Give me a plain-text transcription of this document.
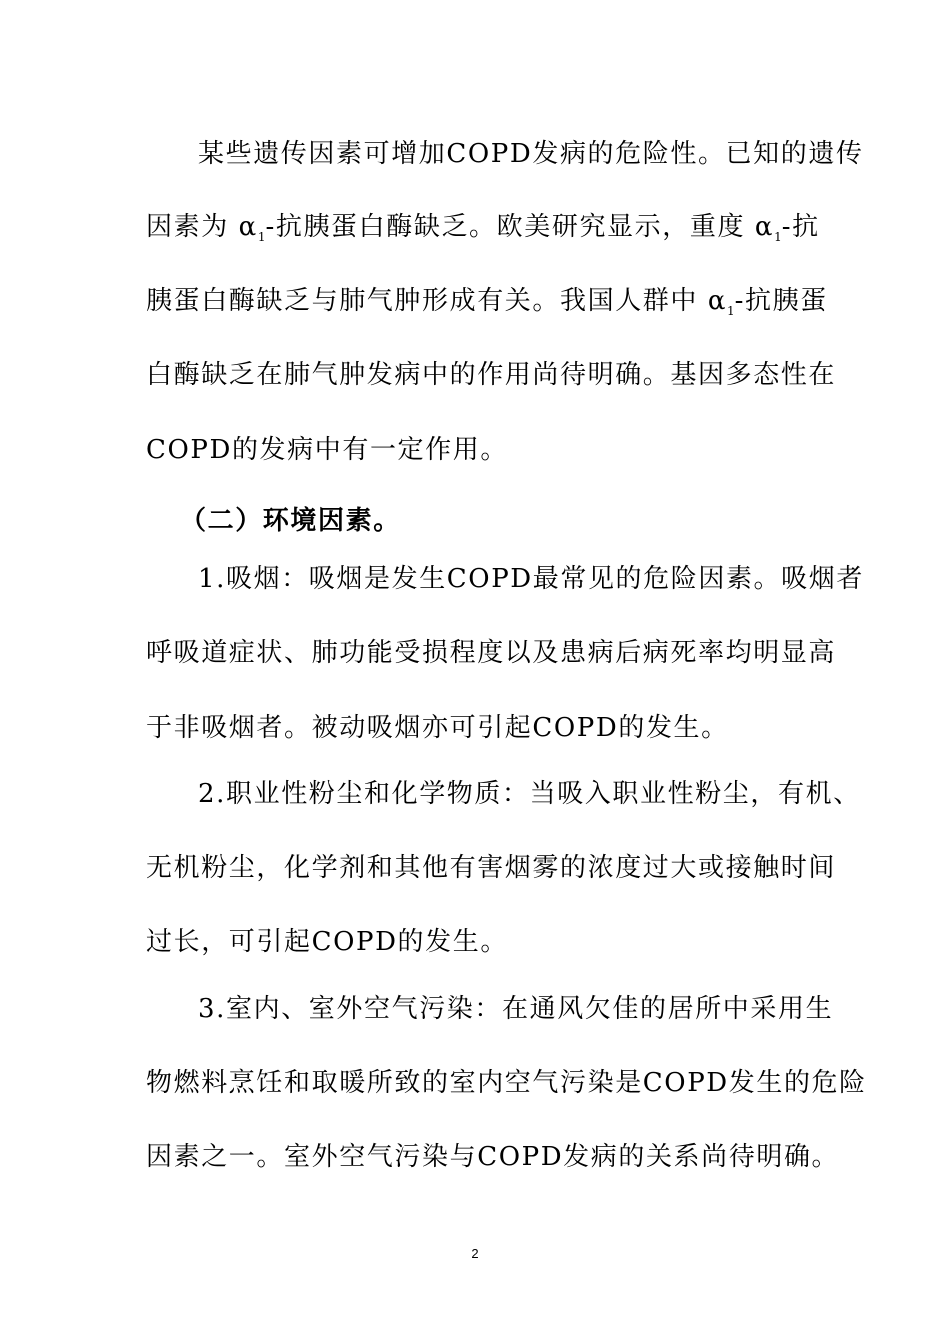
某些遗传因素可增加COPD发病的危险性。已知的遗传
因素为 $\alpha_1-$抗胰蛋白酶缺乏。欧美研究显示，重度 $\alpha_1-$抗
胰蛋白酶缺乏与肺气肿形成有关。我国人群中 $\alpha_1-$抗胰蛋
白酶缺乏在肺气肿发病中的作用尚待明确。基因多态性在
COPD的发病中有一定作用。
（二）环境因素。
1.吸烟：吸烟是发生COPD最常见的危险因素。吸烟者
呼吸道症状、肺功能受损程度以及患病后病死率均明显高
于非吸烟者。被动吸烟亦可引起COPD的发生。
2.职业性粉尘和化学物质：当吸入职业性粉尘，有机、
无机粉尘，化学剂和其他有害烟雾的浓度过大或接触时间
过长，可引起COPD的发生。
3.室内、室外空气污染：在通风欠佳的居所中采用生
物燃料烹饪和取暖所致的室内空气污染是COPD发生的危险
因素之一。室外空气污染与COPD发病的关系尚待明确。
2
